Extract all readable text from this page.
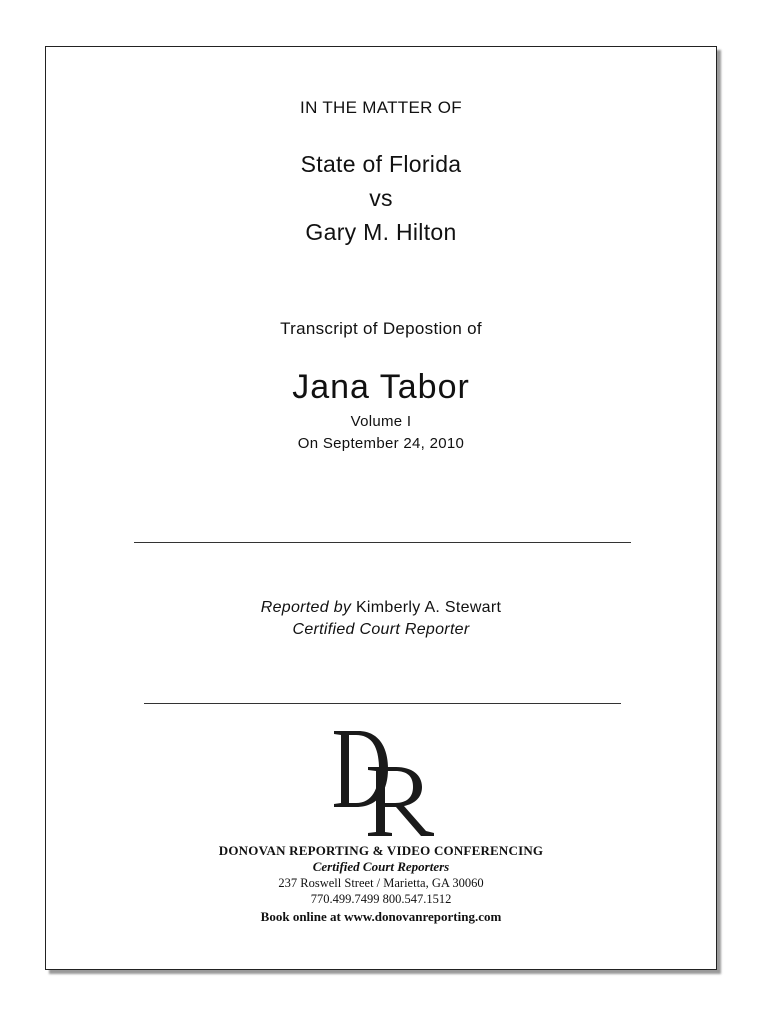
IN THE MATTER OF
State of Florida
vs
Gary M. Hilton
Transcript of Depostion of
Jana Tabor
Volume I
On September 24, 2010
Reported by Kimberly A. Stewart
Certified Court Reporter
DONOVAN REPORTING & VIDEO CONFERENCING
Certified Court Reporters
237 Roswell Street / Marietta, GA 30060
770.499.7499 800.547.1512
Book online at www.donovanreporting.com
